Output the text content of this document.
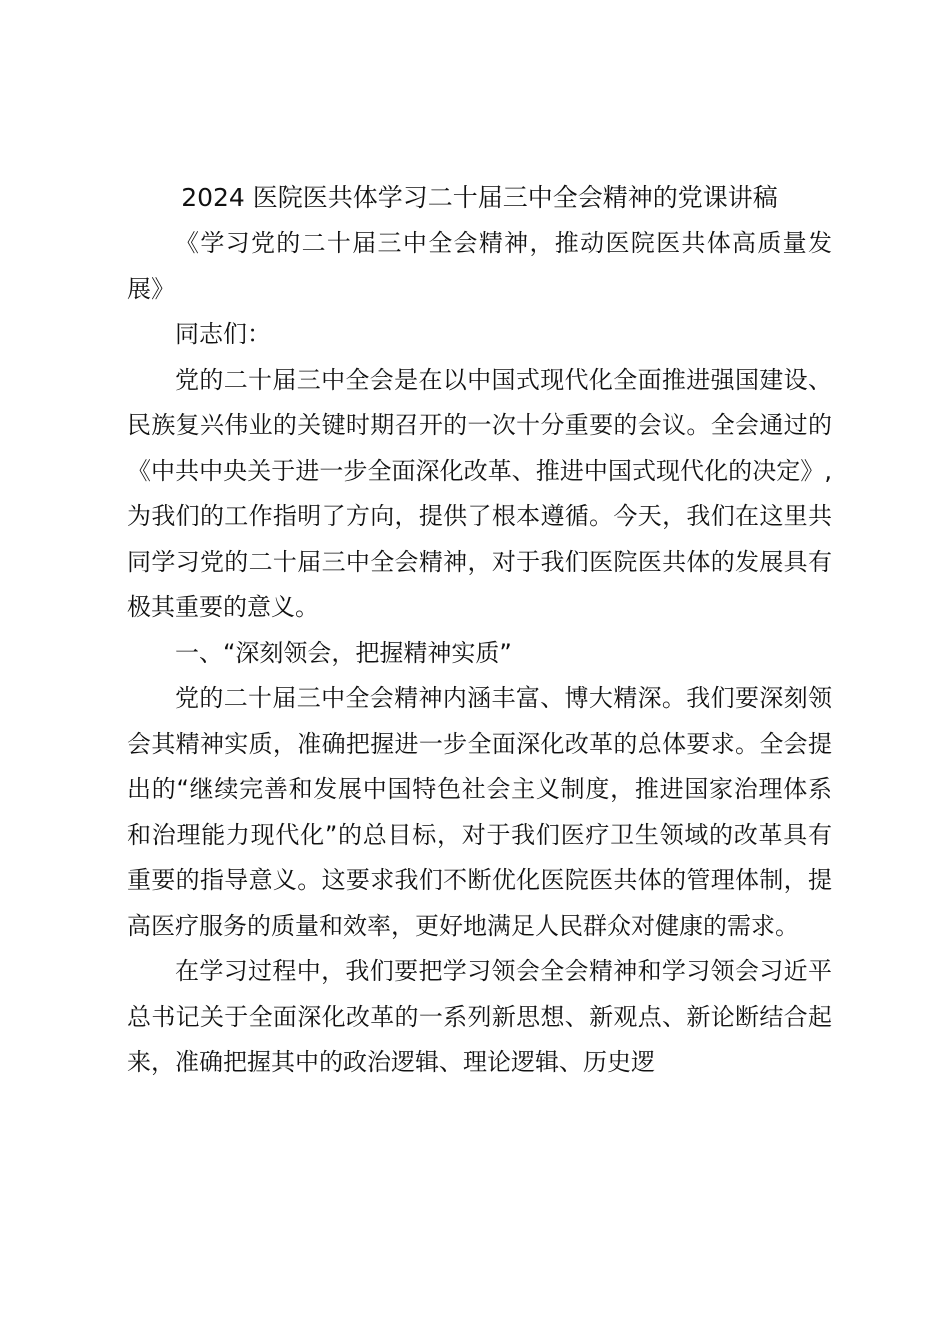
2024 医院医共体学习二十届三中全会精神的党课讲稿

《学习党的二十届三中全会精神，推动医院医共体高质量发展》

同志们：

党的二十届三中全会是在以中国式现代化全面推进强国建设、民族复兴伟业的关键时期召开的一次十分重要的会议。全会通过的《中共中央关于进一步全面深化改革、推进中国式现代化的决定》,为我们的工作指明了方向，提供了根本遵循。今天，我们在这里共同学习党的二十届三中全会精神，对于我们医院医共体的发展具有极其重要的意义。

一、“深刻领会，把握精神实质”

党的二十届三中全会精神内涵丰富、博大精深。我们要深刻领会其精神实质，准确把握进一步全面深化改革的总体要求。全会提出的“继续完善和发展中国特色社会主义制度，推进国家治理体系和治理能力现代化”的总目标，对于我们医疗卫生领域的改革具有重要的指导意义。这要求我们不断优化医院医共体的管理体制，提高医疗服务的质量和效率，更好地满足人民群众对健康的需求。

在学习过程中，我们要把学习领会全会精神和学习领会习近平总书记关于全面深化改革的一系列新思想、新观点、新论断结合起来，准确把握其中的政治逻辑、理论逻辑、历史逻
